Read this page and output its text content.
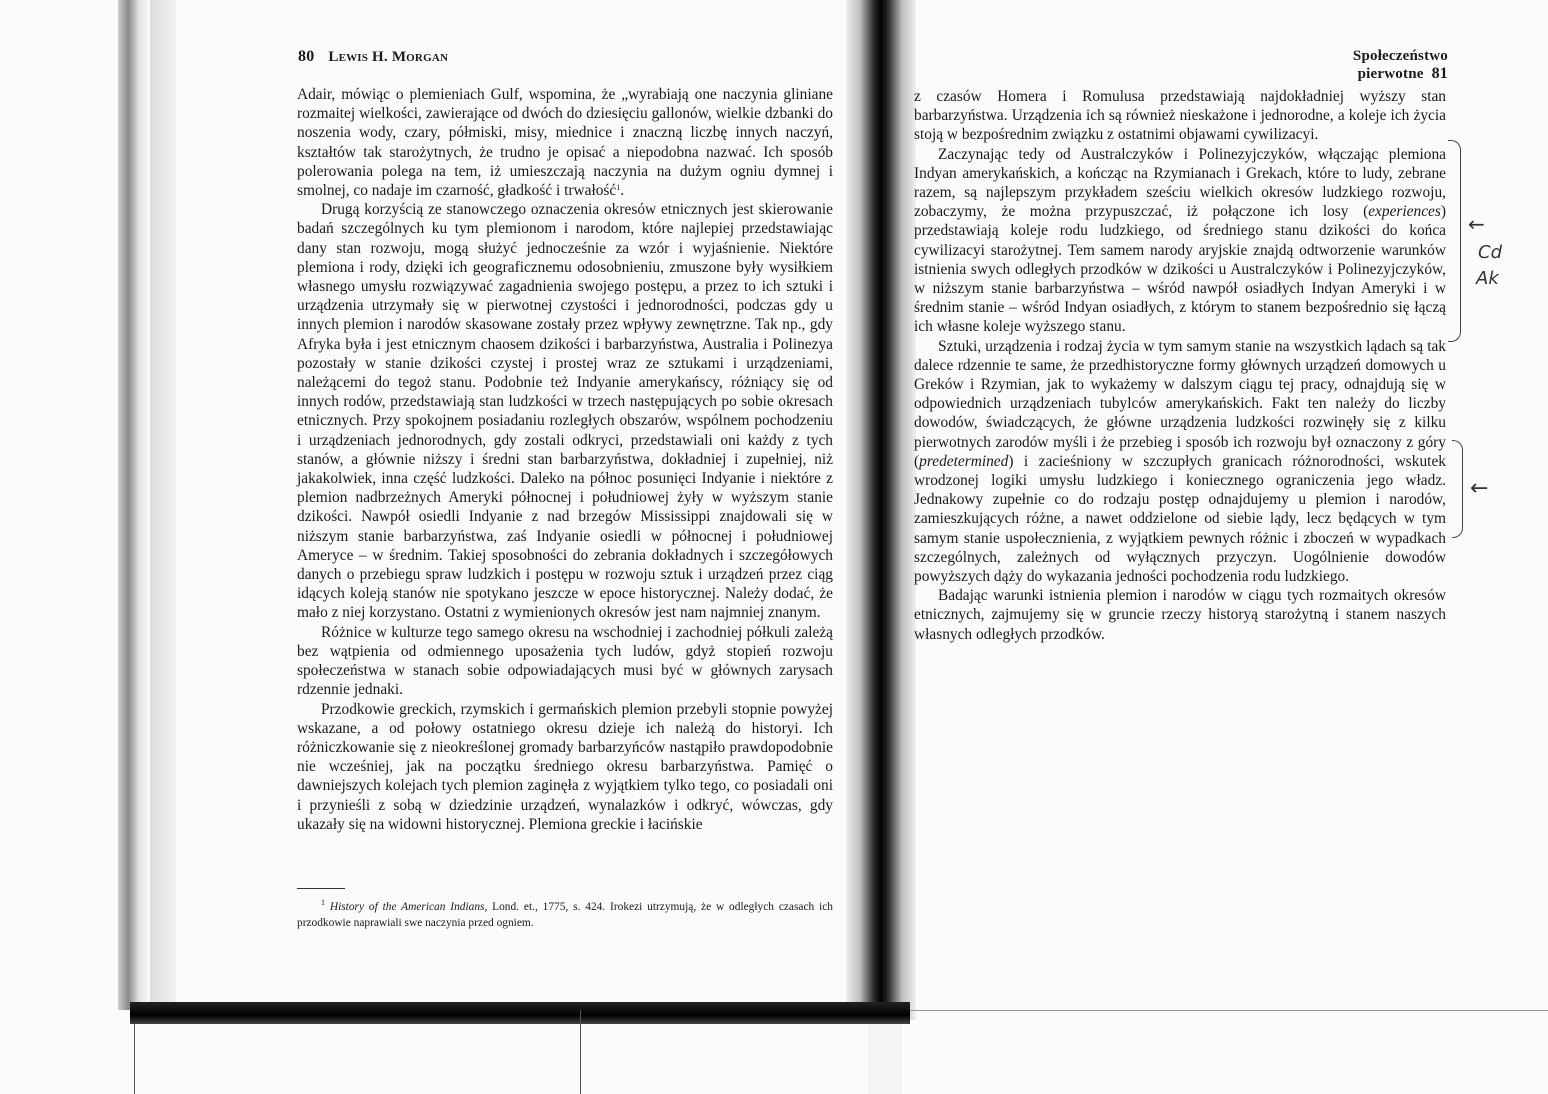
80 Lewis H. Morgan

Adair, mówiąc o plemieniach Gulf, wspomina, że „wyrabiają one naczynia gliniane rozmaitej wielkości, zawierające od dwóch do dziesięciu gallonów, wielkie dzbanki do noszenia wody, czary, półmiski, misy, miednice i znaczną liczbę innych naczyń, kształtów tak starożytnych, że trudno je opisać a niepodobna nazwać. Ich sposób polerowania polega na tem, iż umieszczają naczynia na dużym ogniu dymnej i smolnej, co nadaje im czarność, gładkość i trwałość$^1$.

Drugą korzyścią ze stanowczego oznaczenia okresów etnicznych jest skierowanie badań szczególnych ku tym plemionom i narodom, które najlepiej przedstawiając dany stan rozwoju, mogą służyć jednocześnie za wzór i wyjaśnienie. Niektóre plemiona i rody, dzięki ich geograficznemu odosobnieniu, zmuszone były wysiłkiem własnego umysłu rozwiązywać zagadnienia swojego postępu, a przez to ich sztuki i urządzenia utrzymały się w pierwotnej czystości i jednorodności, podczas gdy u innych plemion i narodów skasowane zostały przez wpływy zewnętrzne. Tak np., gdy Afryka była i jest etnicznym chaosem dzikości i barbarzyństwa, Australia i Polinezya pozostały w stanie dzikości czystej i prostej wraz ze sztukami i urządzeniami, należącemi do tegoż stanu. Podobnie też Indyanie amerykańscy, różniący się od innych rodów, przedstawiają stan ludzkości w trzech następujących po sobie okresach etnicznych. Przy spokojnem posiadaniu rozległych obszarów, wspólnem pochodzeniu i urządzeniach jednorodnych, gdy zostali odkryci, przedstawiali oni każdy z tych stanów, a głównie niższy i średni stan barbarzyństwa, dokładniej i zupełniej, niż jakakolwiek, inna część ludzkości. Daleko na północ posunięci Indyanie i niektóre z plemion nadbrzeżnych Ameryki północnej i południowej żyły w wyższym stanie dzikości. Nawpół osiedli Indyanie z nad brzegów Mississippi znajdowali się w niższym stanie barbarzyństwa, zaś Indyanie osiedli w północnej i południowej Ameryce – w średnim. Takiej sposobności do zebrania dokładnych i szczegółowych danych o przebiegu spraw ludzkich i postępu w rozwoju sztuk i urządzeń przez ciąg idących koleją stanów nie spotykano jeszcze w epoce historycznej. Należy dodać, że mało z niej korzystano. Ostatni z wymienionych okresów jest nam najmniej znanym.

Różnice w kulturze tego samego okresu na wschodniej i zachodniej półkuli zależą bez wątpienia od odmiennego uposażenia tych ludów, gdyż stopień rozwoju społeczeństwa w stanach sobie odpowiadających musi być w głównych zarysach rdzennie jednaki.

Przodkowie greckich, rzymskich i germańskich plemion przebyli stopnie powyżej wskazane, a od połowy ostatniego okresu dzieje ich należą do historyi. Ich różniczkowanie się z nieokreślonej gromady barbarzyńców nastąpiło prawdopodobnie nie wcześniej, jak na początku średniego okresu barbarzyństwa. Pamięć o dawniejszych kolejach tych plemion zaginęła z wyjątkiem tylko tego, co posiadali oni i przynieśli z sobą w dziedzinie urządzeń, wynalazków i odkryć, wówczas, gdy ukazały się na widowni historycznej. Plemiona greckie i łacińskie

$^1$ History of the American Indians, Lond. et., 1775, s. 424. Irokezi utrzymują, że w odległych czasach ich przodkowie naprawiali swe naczynia przed ogniem.
Społeczeństwo pierwotne 81

z czasów Homera i Romulusa przedstawiają najdokładniej wyższy stan barbarzyństwa. Urządzenia ich są również nieskażone i jednorodne, a koleje ich życia stoją w bezpośrednim związku z ostatnimi objawami cywilizacyi.

Zaczynając tedy od Australczyków i Polinezyjczyków, włączając plemiona Indyan amerykańskich, a kończąc na Rzymianach i Grekach, które to ludy, zebrane razem, są najlepszym przykładem sześciu wielkich okresów ludzkiego rozwoju, zobaczymy, że można przypuszczać, iż połączone ich losy (experiences) przedstawiają koleje rodu ludzkiego, od średniego stanu dzikości do końca cywilizacyi starożytnej. Tem samem narody aryjskie znajdą odtworzenie warunków istnienia swych odległych przodków w dzikości u Australczyków i Polinezyjczyków, w niższym stanie barbarzyństwa – wśród nawpół osiadłych Indyan Ameryki i w średnim stanie – wśród Indyan osiadłych, z którym to stanem bezpośrednio się łączą ich własne koleje wyższego stanu.

Sztuki, urządzenia i rodzaj życia w tym samym stanie na wszystkich lądach są tak dalece rdzennie te same, że przedhistoryczne formy głównych urządzeń domowych u Greków i Rzymian, jak to wykażemy w dalszym ciągu tej pracy, odnajdują się w odpowiednich urządzeniach tubylców amerykańskich. Fakt ten należy do liczby dowodów, świadczących, że główne urządzenia ludzkości rozwinęły się z kilku pierwotnych zarodów myśli i że przebieg i sposób ich rozwoju był oznaczony z góry (predetermined) i zacieśniony w szczupłych granicach różnorodności, wskutek wrodzonej logiki umysłu ludzkiego i koniecznego ograniczenia jego władz. Jednakowy zupełnie co do rodzaju postęp odnajdujemy u plemion i narodów, zamieszkujących różne, a nawet oddzielone od siebie lądy, lecz będących w tym samym stanie uspołecznienia, z wyjątkiem pewnych różnic i zboczeń w wypadkach szczególnych, zależnych od wyłącznych przyczyn. Uogólnienie dowodów powyższych dąży do wykazania jedności pochodzenia rodu ludzkiego.

Badając warunki istnienia plemion i narodów w ciągu tych rozmaitych okresów etnicznych, zajmujemy się w gruncie rzeczy historyą starożytną i stanem naszych własnych odległych przodków.

←
Cd
Ak
←
